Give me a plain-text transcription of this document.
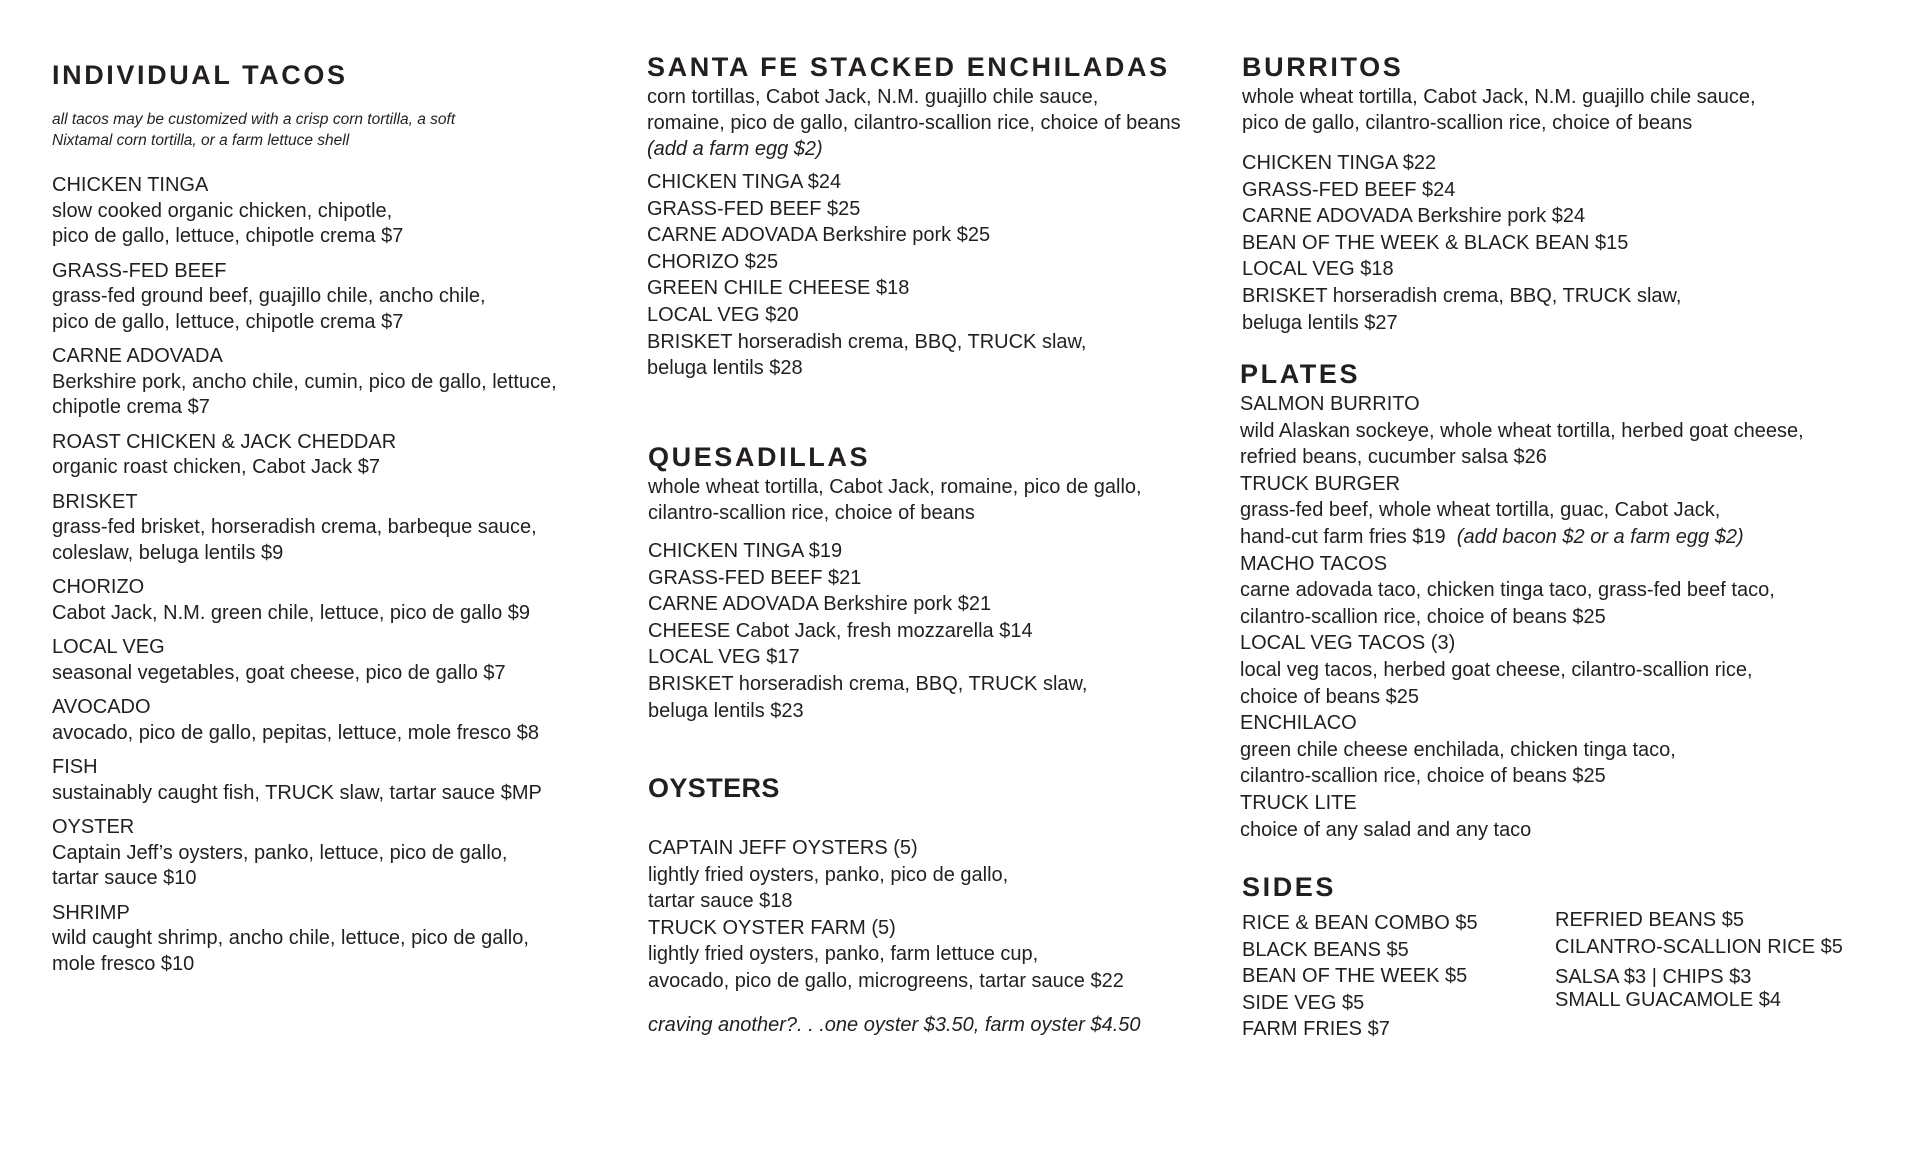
INDIVIDUAL TACOS
all tacos may be customized with a crisp corn tortilla, a soft
Nixtamal corn tortilla, or a farm lettuce shell
CHICKEN TINGA
slow cooked organic chicken, chipotle,
pico de gallo, lettuce, chipotle crema $7
GRASS-FED BEEF
grass-fed ground beef, guajillo chile, ancho chile,
pico de gallo, lettuce, chipotle crema $7
CARNE ADOVADA
Berkshire pork, ancho chile, cumin, pico de gallo, lettuce,
chipotle crema $7
ROAST CHICKEN & JACK CHEDDAR
organic roast chicken, Cabot Jack $7
BRISKET
grass-fed brisket, horseradish crema, barbeque sauce,
coleslaw, beluga lentils $9
CHORIZO
Cabot Jack, N.M. green chile, lettuce, pico de gallo $9
LOCAL VEG
seasonal vegetables, goat cheese, pico de gallo $7
AVOCADO
avocado, pico de gallo, pepitas, lettuce, mole fresco $8
FISH
sustainably caught fish, TRUCK slaw, tartar sauce $MP
OYSTER
Captain Jeff’s oysters, panko, lettuce, pico de gallo,
tartar sauce $10
SHRIMP
wild caught shrimp, ancho chile, lettuce, pico de gallo,
mole fresco $10
SANTA FE STACKED ENCHILADAS
corn tortillas, Cabot Jack, N.M. guajillo chile sauce,
romaine, pico de gallo, cilantro-scallion rice, choice of beans
(add a farm egg $2)
CHICKEN TINGA $24
GRASS-FED BEEF $25
CARNE ADOVADA Berkshire pork $25
CHORIZO $25
GREEN CHILE CHEESE $18
LOCAL VEG $20
BRISKET horseradish crema, BBQ, TRUCK slaw,
beluga lentils $28
QUESADILLAS
whole wheat tortilla, Cabot Jack, romaine, pico de gallo,
cilantro-scallion rice, choice of beans
CHICKEN TINGA $19
GRASS-FED BEEF $21
CARNE ADOVADA Berkshire pork $21
CHEESE Cabot Jack, fresh mozzarella $14
LOCAL VEG $17
BRISKET horseradish crema, BBQ, TRUCK slaw,
beluga lentils $23
OYSTERS
CAPTAIN JEFF OYSTERS (5)
lightly fried oysters, panko, pico de gallo,
tartar sauce $18
TRUCK OYSTER FARM (5)
lightly fried oysters, panko, farm lettuce cup,
avocado, pico de gallo, microgreens, tartar sauce $22
craving another?. . .one oyster $3.50, farm oyster $4.50
BURRITOS
whole wheat tortilla, Cabot Jack, N.M. guajillo chile sauce,
pico de gallo, cilantro-scallion rice, choice of beans
CHICKEN TINGA $22
GRASS-FED BEEF $24
CARNE ADOVADA Berkshire pork $24
BEAN OF THE WEEK & BLACK BEAN $15
LOCAL VEG $18
BRISKET horseradish crema, BBQ, TRUCK slaw,
beluga lentils $27
PLATES
SALMON BURRITO
wild Alaskan sockeye, whole wheat tortilla, herbed goat cheese,
refried beans, cucumber salsa $26
TRUCK BURGER
grass-fed beef, whole wheat tortilla, guac, Cabot Jack,
hand-cut farm fries $19 (add bacon $2 or a farm egg $2)
MACHO TACOS
carne adovada taco, chicken tinga taco, grass-fed beef taco,
cilantro-scallion rice, choice of beans $25
LOCAL VEG TACOS (3)
local veg tacos, herbed goat cheese, cilantro-scallion rice,
choice of beans $25
ENCHILACO
green chile cheese enchilada, chicken tinga taco,
cilantro-scallion rice, choice of beans $25
TRUCK LITE
choice of any salad and any taco
SIDES
RICE & BEAN COMBO $5
BLACK BEANS $5
BEAN OF THE WEEK $5
SIDE VEG $5
FARM FRIES $7
REFRIED BEANS $5
CILANTRO-SCALLION RICE $5
SALSA $3 | CHIPS $3
SMALL GUACAMOLE $4
